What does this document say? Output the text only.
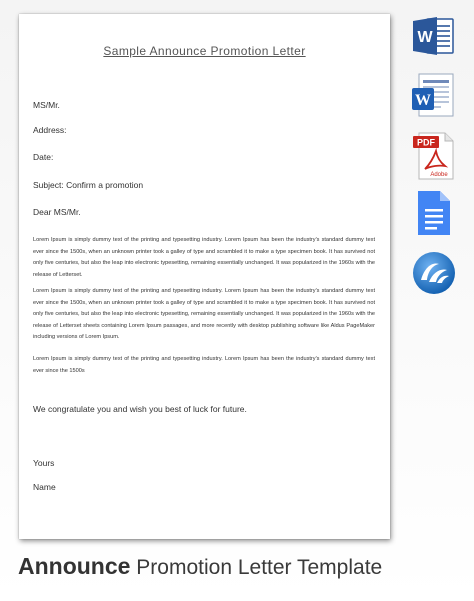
Sample Announce Promotion Letter
MS/Mr.
Address:
Date:
Subject: Confirm a promotion
Dear MS/Mr.

Lorem Ipsum is simply dummy text of the printing and typesetting industry. Lorem Ipsum has been the industry's standard dummy text ever since the 1500s, when an unknown printer took a galley of type and scrambled it to make a type specimen book. It has survived not only five centuries, but also the leap into electronic typesetting, remaining essentially unchanged. It was popularized in the 1960s with the release of Letterset.

Lorem Ipsum is simply dummy text of the printing and typesetting industry. Lorem Ipsum has been the industry's standard dummy text ever since the 1500s, when an unknown printer took a galley of type and scrambled it to make a type specimen book. It has survived not only five centuries, but also the leap into electronic typesetting, remaining essentially unchanged. It was popularized in the 1960s with the release of Letterset sheets containing Lorem Ipsum passages, and more recently with desktop publishing software like Aldus PageMaker including versions of Lorem Ipsum.

Lorem Ipsum is simply dummy text of the printing and typesetting industry. Lorem Ipsum has been the industry's standard dummy text ever since the 1500s

We congratulate you and wish you best of luck for future.
Yours
Name
W
W
PDF
Adobe
Announce Promotion Letter Template
